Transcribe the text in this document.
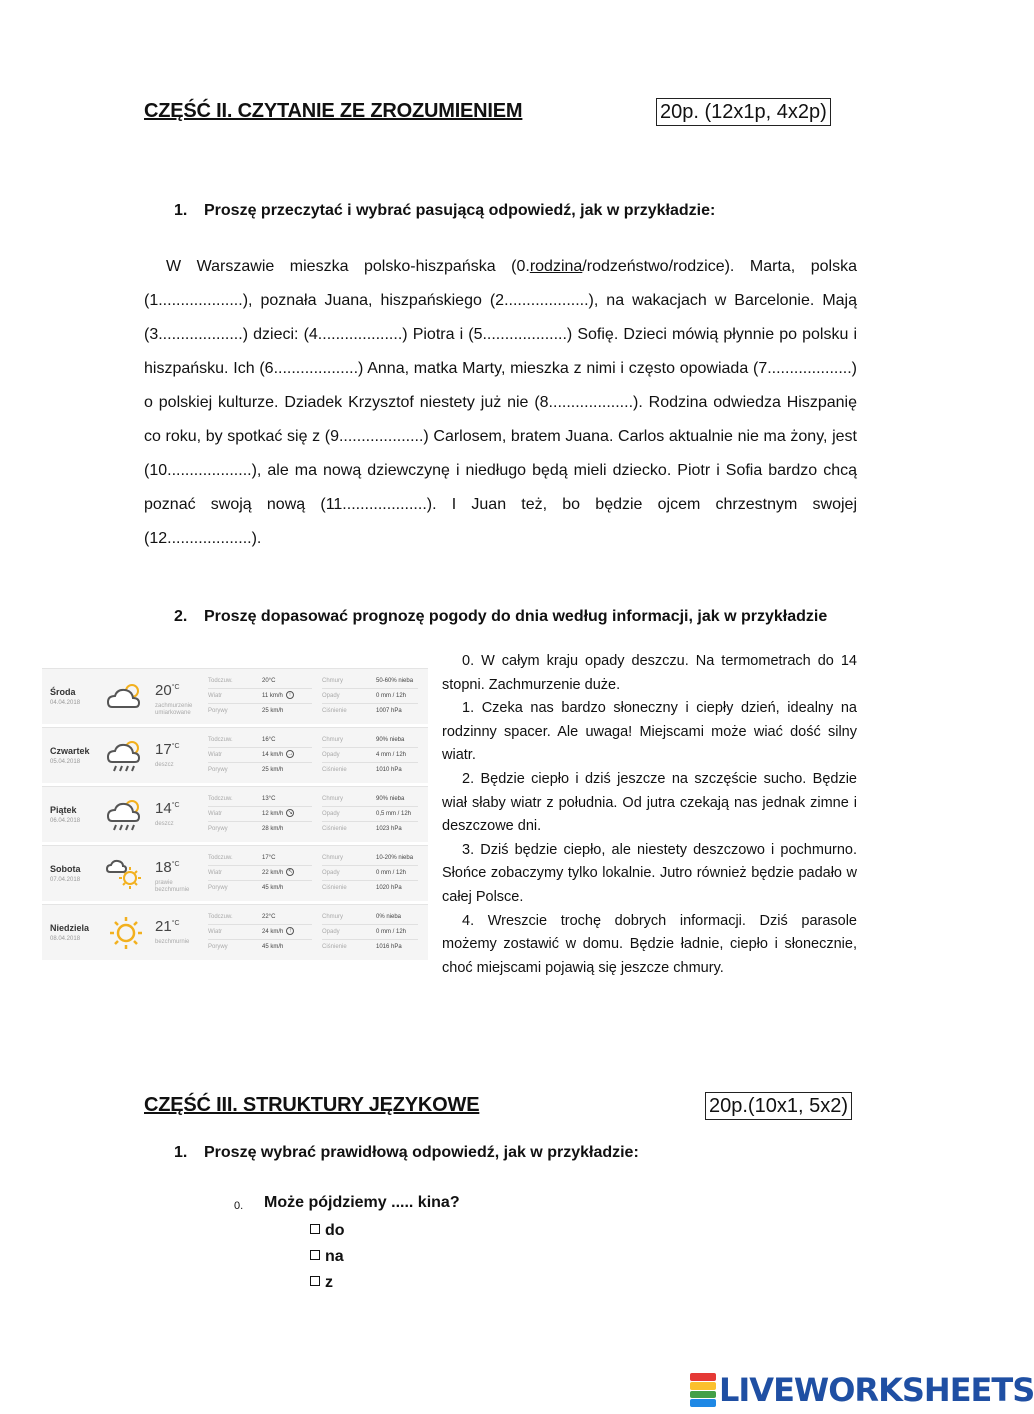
CZĘŚĆ II. CZYTANIE ZE ZROZUMIENIEM	20p. (12x1p, 4x2p)
1. Proszę przeczytać i wybrać pasującą odpowiedź, jak w przykładzie:

W Warszawie mieszka polsko-hiszpańska (0.rodzina/rodzeństwo/rodzice). Marta, polska (1...................), poznała Juana, hiszpańskiego (2...................), na wakacjach w Barcelonie. Mają (3...................) dzieci: (4...................) Piotra i (5...................) Sofię. Dzieci mówią płynnie po polsku i hiszpańsku. Ich (6...................) Anna, matka Marty, mieszka z nimi i często opowiada (7...................) o polskiej kulturze. Dziadek Krzysztof niestety już nie (8...................). Rodzina odwiedza Hiszpanię co roku, by spotkać się z (9...................) Carlosem, bratem Juana. Carlos aktualnie nie ma żony, jest (10...................), ale ma nową dziewczynę i niedługo będą mieli dziecko. Piotr i Sofia bardzo chcą poznać swoją nową (11...................). I Juan też, bo będzie ojcem chrzestnym swojej (12...................).

2. Proszę dopasować prognozę pogody do dnia według informacji, jak w przykładzie
Środa
04.04.2018
$20^{^\circ C}$
zachmurzenie umiarkowane
Todczuw.	20°C
Wiatr	11 km/h ↑
Porywy	25 km/h
Chmury	50-60% nieba
Opady	0 mm / 12h
Ciśnienie	1007 hPa
Czwartek
05.04.2018
$17^{^\circ C}$
deszcz
Todczuw.	16°C
Wiatr	14 km/h →
Porywy	25 km/h
Chmury	90% nieba
Opady	4 mm / 12h
Ciśnienie	1010 hPa
Piątek
06.04.2018
$14^{^\circ C}$
deszcz
Todczuw.	13°C
Wiatr	12 km/h ↘
Porywy	28 km/h
Chmury	90% nieba
Opady	0,5 mm / 12h
Ciśnienie	1023 hPa
Sobota
07.04.2018
$18^{^\circ C}$
prawie bezchmurnie
Todczuw.	17°C
Wiatr	22 km/h ↖
Porywy	45 km/h
Chmury	10-20% nieba
Opady	0 mm / 12h
Ciśnienie	1020 hPa
Niedziela
08.04.2018
$21^{^\circ C}$
bezchmurnie
Todczuw.	22°C
Wiatr	24 km/h ↑
Porywy	45 km/h
Chmury	0% nieba
Opady	0 mm / 12h
Ciśnienie	1016 hPa

0. W całym kraju opady deszczu. Na termometrach do 14 stopni. Zachmurzenie duże.

1. Czeka nas bardzo słoneczny i ciepły dzień, idealny na rodzinny spacer. Ale uwaga! Miejscami może wiać dość silny wiatr.

2. Będzie ciepło i dziś jeszcze na szczęście sucho. Będzie wiał słaby wiatr z południa. Od jutra czekają nas jednak zimne i deszczowe dni.

3. Dziś będzie ciepło, ale niestety deszczowo i pochmurno. Słońce zobaczymy tylko lokalnie. Jutro również będzie padało w całej Polsce.

4. Wreszcie trochę dobrych informacji. Dziś parasole możemy zostawić w domu. Będzie ładnie, ciepło i słonecznie, choć miejscami pojawią się jeszcze chmury.

CZĘŚĆ III. STRUKTURY JĘZYKOWE	20p.(10x1, 5x2)
1. Proszę wybrać prawidłową odpowiedź, jak w przykładzie:
0. Może pójdziemy ..... kina?
do
na
z
LIVEWORKSHEETS
